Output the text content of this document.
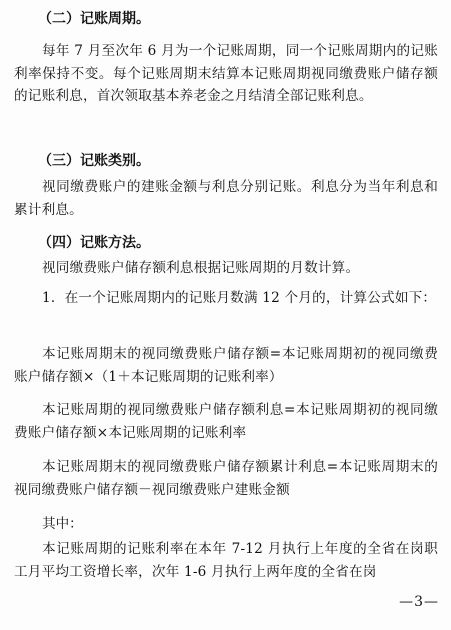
（二）记账周期。
每年 7 月至次年 6 月为一个记账周期，同一个记账周期内的记账利率保持不变。每个记账周期末结算本记账周期视同缴费账户储存额的记账利息，首次领取基本养老金之月结清全部记账利息。
（三）记账类别。
视同缴费账户的建账金额与利息分别记账。利息分为当年利息和累计利息。
（四）记账方法。
视同缴费账户储存额利息根据记账周期的月数计算。
1．在一个记账周期内的记账月数满 12 个月的，计算公式如下：
本记账周期末的视同缴费账户储存额=本记账周期初的视同缴费账户储存额×（1＋本记账周期的记账利率）
本记账周期的视同缴费账户储存额利息=本记账周期初的视同缴费账户储存额×本记账周期的记账利率
本记账周期末的视同缴费账户储存额累计利息=本记账周期末的视同缴费账户储存额－视同缴费账户建账金额
其中：
本记账周期的记账利率在本年 7-12 月执行上年度的全省在岗职工月平均工资增长率，次年 1-6 月执行上两年度的全省在岗
—3—
